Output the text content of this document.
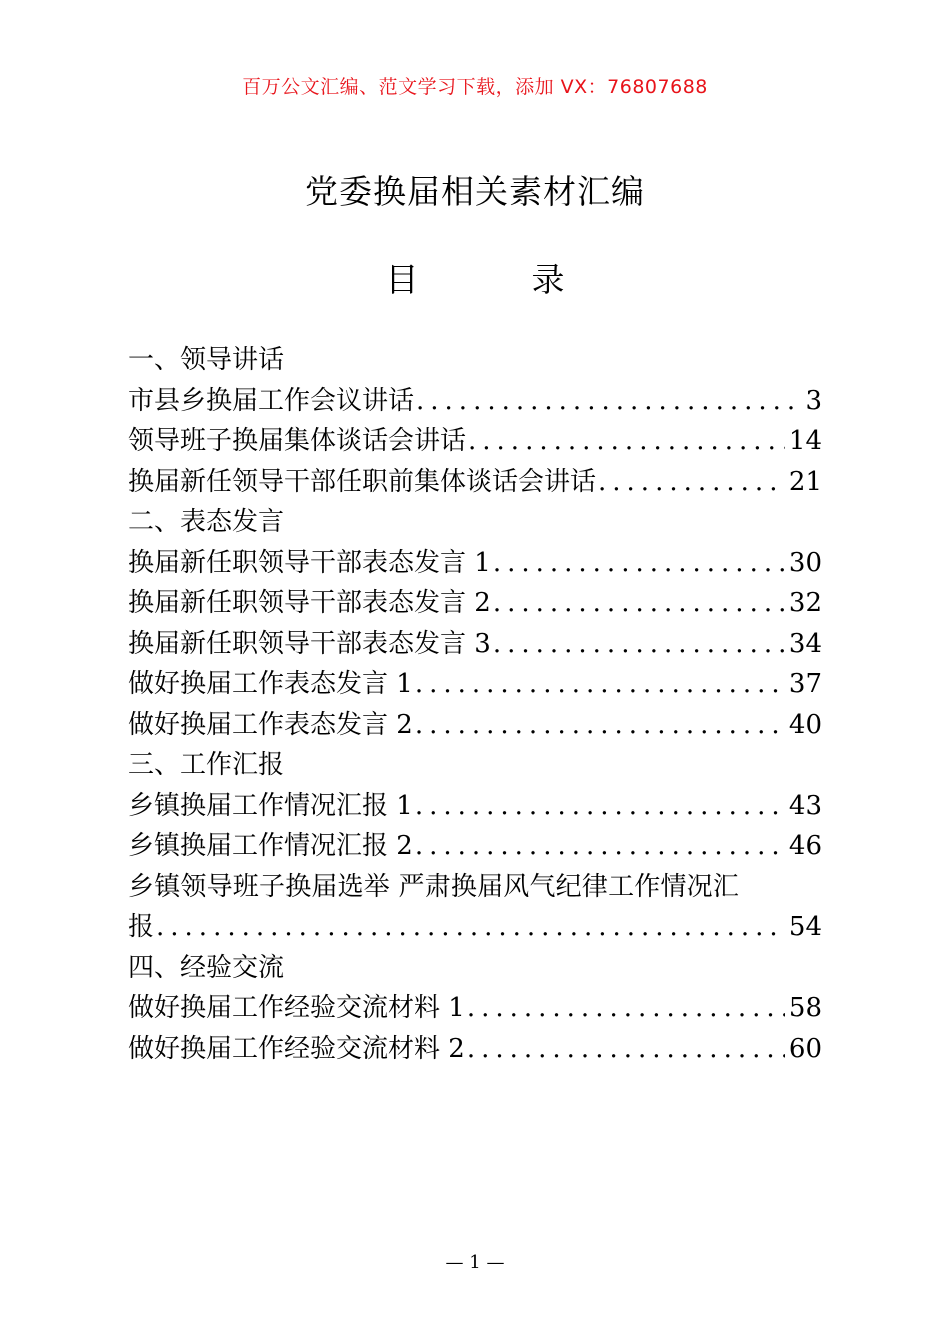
百万公文汇编、范文学习下载，添加 VX：76807688
党委换届相关素材汇编
目　录
一、领导讲话
市县乡换届工作会议讲话 .....	3
领导班子换届集体谈话会讲话 .....	14
换届新任领导干部任职前集体谈话会讲话 .....	21
二、表态发言
换届新任职领导干部表态发言 1 .....	30
换届新任职领导干部表态发言 2 .....	32
换届新任职领导干部表态发言 3 .....	34
做好换届工作表态发言 1 .....	37
做好换届工作表态发言 2 .....	40
三、工作汇报
乡镇换届工作情况汇报 1 .....	43
乡镇换届工作情况汇报 2 .....	46
乡镇领导班子换届选举 严肃换届风气纪律工作情况汇
报 .....	54
四、经验交流
做好换届工作经验交流材料 1 .....	58
做好换届工作经验交流材料 2 .....	60
— 1 —
